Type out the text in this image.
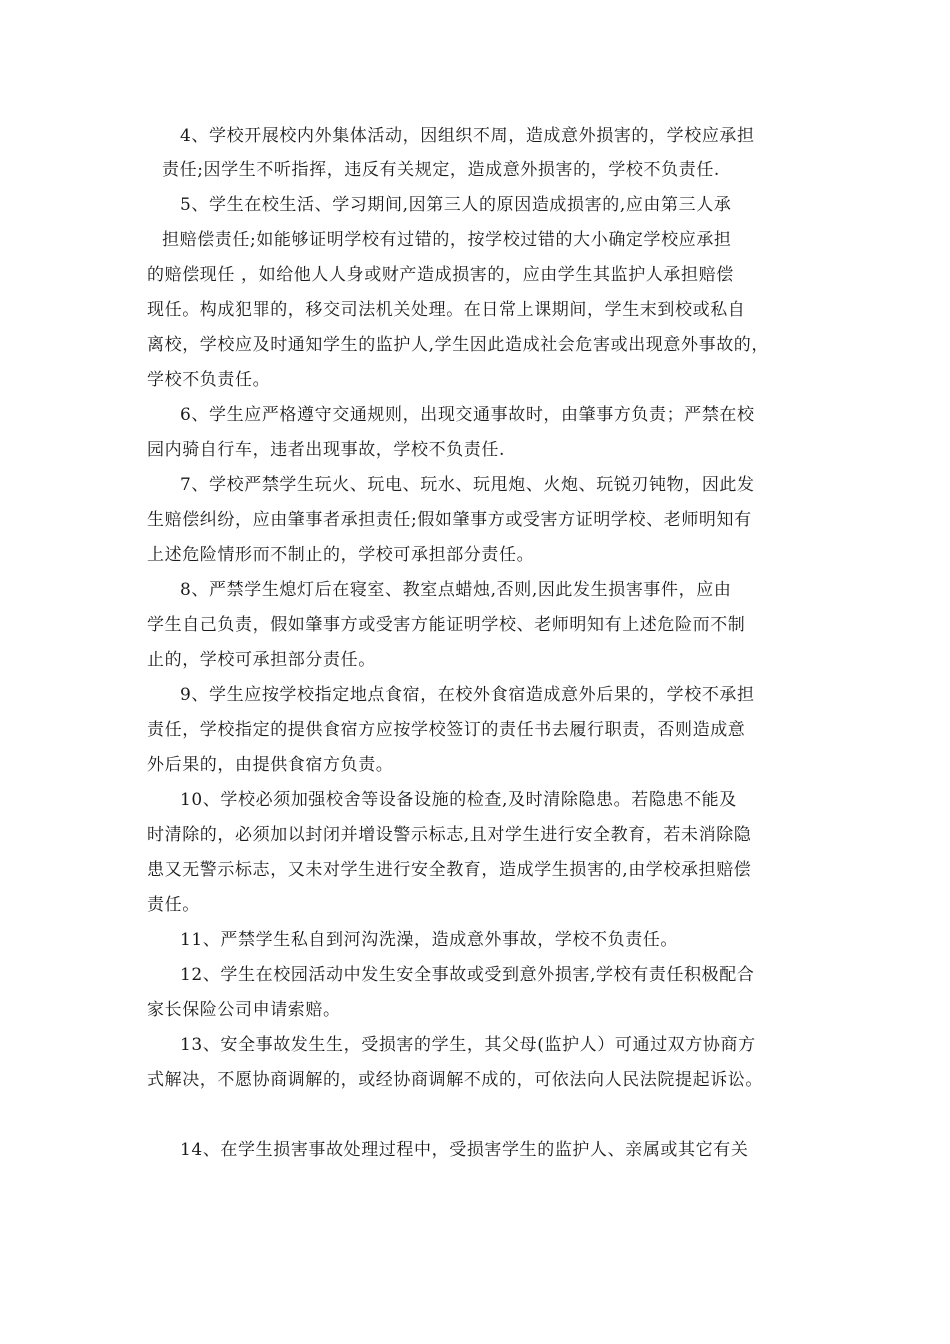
4、学校开展校内外集体活动，因组织不周，造成意外损害的，学校应承担
责任;因学生不听指挥，违反有关规定，造成意外损害的，学校不负责任.
5、学生在校生活、学习期间,因第三人的原因造成损害的,应由第三人承
担赔偿责任;如能够证明学校有过错的，按学校过错的大小确定学校应承担
的赔偿现任 ，如给他人人身或财产造成损害的，应由学生其监护人承担赔偿
现任。构成犯罪的，移交司法机关处理。在日常上课期间，学生末到校或私自
离校，学校应及时通知学生的监护人,学生因此造成社会危害或出现意外事故的，
学校不负责任。
6、学生应严格遵守交通规则，出现交通事故时，由肇事方负责；严禁在校
园内骑自行车，违者出现事故，学校不负责任.
7、学校严禁学生玩火、玩电、玩水、玩甩炮、火炮、玩锐刃钝物，因此发
生赔偿纠纷，应由肇事者承担责任;假如肇事方或受害方证明学校、老师明知有
上述危险情形而不制止的，学校可承担部分责任。
8、严禁学生熄灯后在寝室、教室点蜡烛,否则,因此发生损害事件，应由
学生自己负责，假如肇事方或受害方能证明学校、老师明知有上述危险而不制
止的，学校可承担部分责任。
9、学生应按学校指定地点食宿，在校外食宿造成意外后果的，学校不承担
责任，学校指定的提供食宿方应按学校签订的责任书去履行职责，否则造成意
外后果的，由提供食宿方负责。
10、学校必须加强校舍等设备设施的检查,及时清除隐患。若隐患不能及
时清除的，必须加以封闭并增设警示标志,且对学生进行安全教育，若未消除隐
患又无警示标志，又未对学生进行安全教育，造成学生损害的,由学校承担赔偿
责任。
11、严禁学生私自到河沟洗澡，造成意外事故，学校不负责任。
12、学生在校园活动中发生安全事故或受到意外损害,学校有责任积极配合
家长保险公司申请索赔。
13、安全事故发生生，受损害的学生，其父母(监护人）可通过双方协商方
式解决，不愿协商调解的，或经协商调解不成的，可依法向人民法院提起诉讼。
14、在学生损害事故处理过程中，受损害学生的监护人、亲属或其它有关
